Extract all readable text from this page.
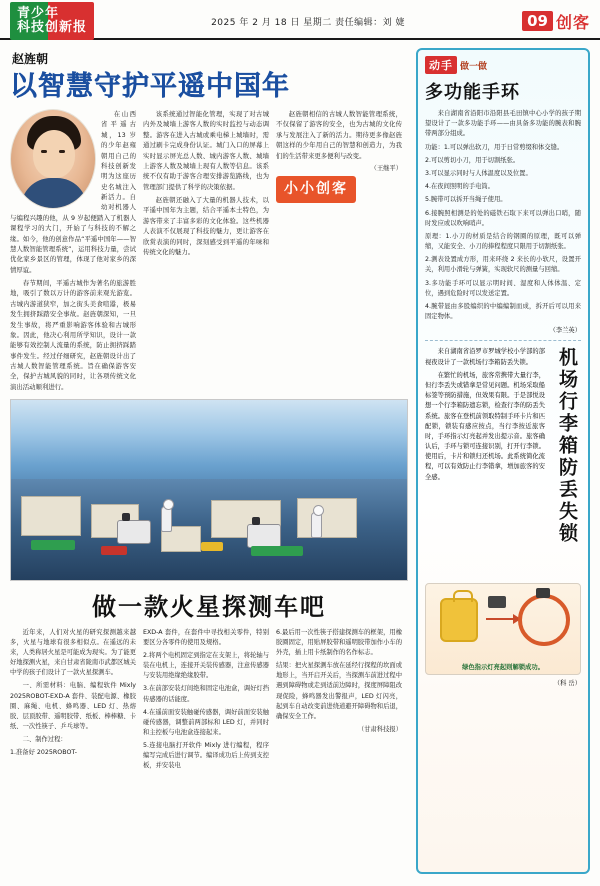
青少年
科技创新报	2025 年 2 月 18 日 星期二 责任编辑：刘 婕	09 创客
赵旌朝
以智慧守护平遥中国年

在山西省平遥古城，13 岁的少年赵雍朝用自己的科技创新发明为这座历史名城注入新活力。自幼对机器人与编程兴趣的他，从 9 岁起便踏入了机器人课程学习的大门，开始了与科技的不解之缘。如今，他的创意作品“平遥中国年——智慧人数智能管理系统”，运用科技力量，尝试优化家乡景区的管理，体现了他对家乡的深情厚谊。

春节期间，平遥古城作为著名的旅游胜地，吸引了数以万计的游客前来观光游览。古城内游道狭窄，加之街头美食喧嚣，极易发生拥挤踩踏安全事故。赵旌朝深知，一旦发生事故，将严重影响游客体验和古城形象。因此，他决心利用所学知识，设计一款能够有效控制人流量的系统，防止拥挤踩踏事件发生。经过仔细研究，赵旌朝设计出了古城人数智能管理系统。旨在确保游客安全，保护古城风貌的同时，让各项传统文化演出活动顺利进行。

该系统通过智能化管理，实现了对古城内外及城墙上游客人数的实时监控与动态调整。游客在进入古城或乘电梯上城墙时，需通过刷卡完成身份认证。城门入口的屏幕上实时显示屏光总人数、城内游客人数、城墙上游客人数及城墙上现有人数等信息。该系统不仅有助于游客合理安排游览路线，也为管理部门提供了科学的决策依据。

赵旌朝还融入了大量的机器人技术，以平遥中国年为主题，结合平遥本土特色，为游客带来了丰富多彩的文化体验。这些机器人表演不仅展现了科技的魅力，更让游客在欣赏表演的同时，深刻感受到平遥的年味和传统文化的魅力。

赵旌朝相信的古城人数智能管理系统，不仅保留了游客的安全，也为古城的文化传承与发展注入了新的活力。期待更多像赵旌朝这样的少年用自己的智慧和创造力，为我们的生活带来更多便利与改变。

（王继平）
小小创客
做一款火星探测车吧

近年来，人们对火星的研究探测越来越多，火星与地球有很多相似点。在遥远的未来，人类称居火星是可能成为现实。为了能更好地探测火星，来自甘肃省陇南市武都区城关中学的孩子们设计了一款火星探测车。

一、所需材料：电脑、编程软件 Mixly 2025ROBOT-EXD-A 套件、装配电源、橡胶圈、麻绳、电机、蜂鸣器、LED 灯、热熔胶、层顶胶带、遥明胶带、纸板、棒棒糖、卡纸、一次性筷子、乒乓球等。

二、制作过程：

1.准备好 2025ROBOT-

EXD-A 套件，在套件中寻找相关零件，特别要区分各零件的使用及规格。

2.将两个电机固定到指定在支架上，将轮轴与装在电机上，连接开关装传感器，注意传感器与安装用绝缘绝缘胶带。

3.在前部安装灯间绝和固定电池盒，调好灯挡传感器的话能度。

4.在遥前面安装触碰传感器，调好前面安装触碰传感器，调整前两部标和 LED 灯，并同时和主控板与电池盒连接起来。

5.连接电脑打开软件 Mixly 进行编程，程序编写完成后进行调节。编译成功后上传到支控板，并安装电

6.最后用一次性筷子搭建探测车的框架，用橡胶圈固定，用贴屏胶带和遥明胶带加作小车的外壳，插上用卡纸制作的名作标志。

结果：把火星探测车放在延经行探程的坎面或地形上，当开启开关后，当探测车前进过程中遇到障碍物或走到适前边障时，探度屏障阻改现促险，蜂鸣器发出警报声，LED 灯闪亮，起到车自动改变前进绕道避开障碍物和后退，确保安全工作。

（甘肃科技报）
动手 做一做
多功能手环

来自湖南省沿阳市沿阳县毛田镇中心小学的孩子期望设计了一款多功能手环——由具备多功能的腕表和腕带两部分组成。

功能：1.可以弹出软刀，用于日常剪缀和体交缝。

2.可以剪切小刀，用于切割纸张。

3.可以显示同时与人体温度以及位置。

4.在夜间照明的手电筒。

5.腕带可以拆开当绳子使用。

6.接腕照相测是的处的磁铁石取下来可以弹出口哨，随时发应或以吹响哨声。

原理：1.小刀的材质是结合的钢圈的原理，既可以弹缩，又能安全、小刀的捧程程度只限用于切割纸张。

2.测表设置成方形，用来环绕 2 来长的小软尺，设置开关，利用小滑轮与弹簧，实现软尺的测量与回缩。

3.多功能手环可以显示明时间、湿度和人体体温、定位，遇到危险时可以发送定置。

4.腕带显由多股编织的中编编制而成，拆开后可以用来固定物体。

（李兰英）
机场行李箱防丢失锁

来自湖南省沿罗市罗城学校小学部的部视夜设计了一款机场行李箱防丢失锁。

在繁忙的机场，旅客常携带大量行李，但行李丢失或错拿是常见问题。机场采取船标签等预防措施，但效果有限。于是部悦设想一个行李箱防遗忘锁，检查行李的防丢失系统。旅客在登机前领取特制手环卡片和匹配锁，锁装有感应按点，当行李按近旅客时，手环指示灯亮起并发出提示音。旅客确认后，手环与锁可连接识别，打开行李锁。使用后，卡片和锁归还机场。此系统简化流程，可以有效防止行李错拿，增加旅客的安全感。

绿色指示灯亮起则解锁成功。
（科 岳）
